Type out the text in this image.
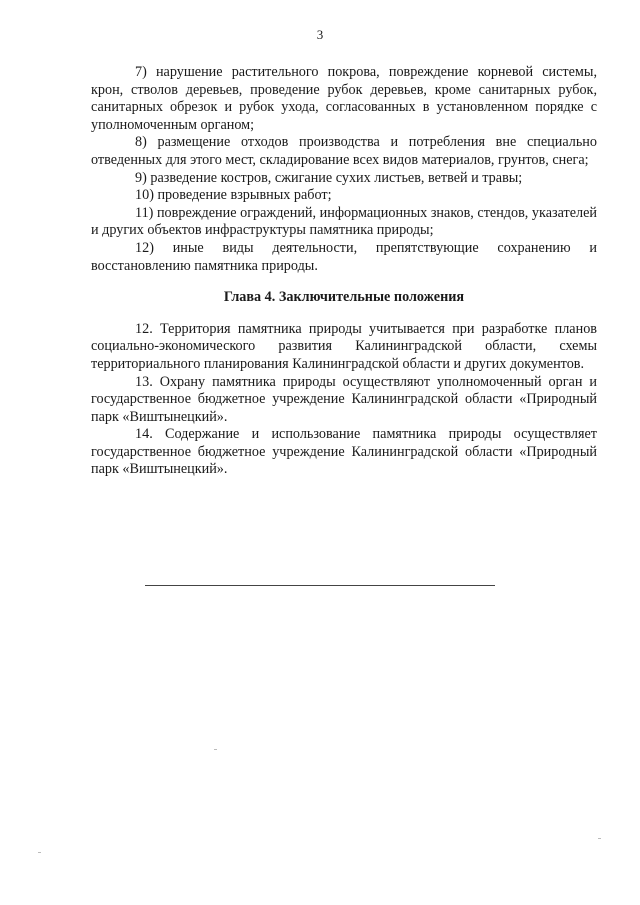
3

7) нарушение растительного покрова, повреждение корневой системы, крон, стволов деревьев, проведение рубок деревьев, кроме санитарных рубок, санитарных обрезок и рубок ухода, согласованных в установленном порядке с уполномоченным органом;

8) размещение отходов производства и потребления вне специально отведенных для этого мест, складирование всех видов материалов, грунтов, снега;

9) разведение костров, сжигание сухих листьев, ветвей и травы;

10) проведение взрывных работ;

11) повреждение ограждений, информационных знаков, стендов, указателей и других объектов инфраструктуры памятника природы;

12) иные виды деятельности, препятствующие сохранению и восстановлению памятника природы.

Глава 4. Заключительные положения

12. Территория памятника природы учитывается при разработке планов социально-экономического развития Калининградской области, схемы территориального планирования Калининградской области и других документов.

13. Охрану памятника природы осуществляют уполномоченный орган и государственное бюджетное учреждение Калининградской области «Природный парк «Виштынецкий».

14. Содержание и использование памятника природы осуществляет государственное бюджетное учреждение Калининградской области «Природный парк «Виштынецкий».
